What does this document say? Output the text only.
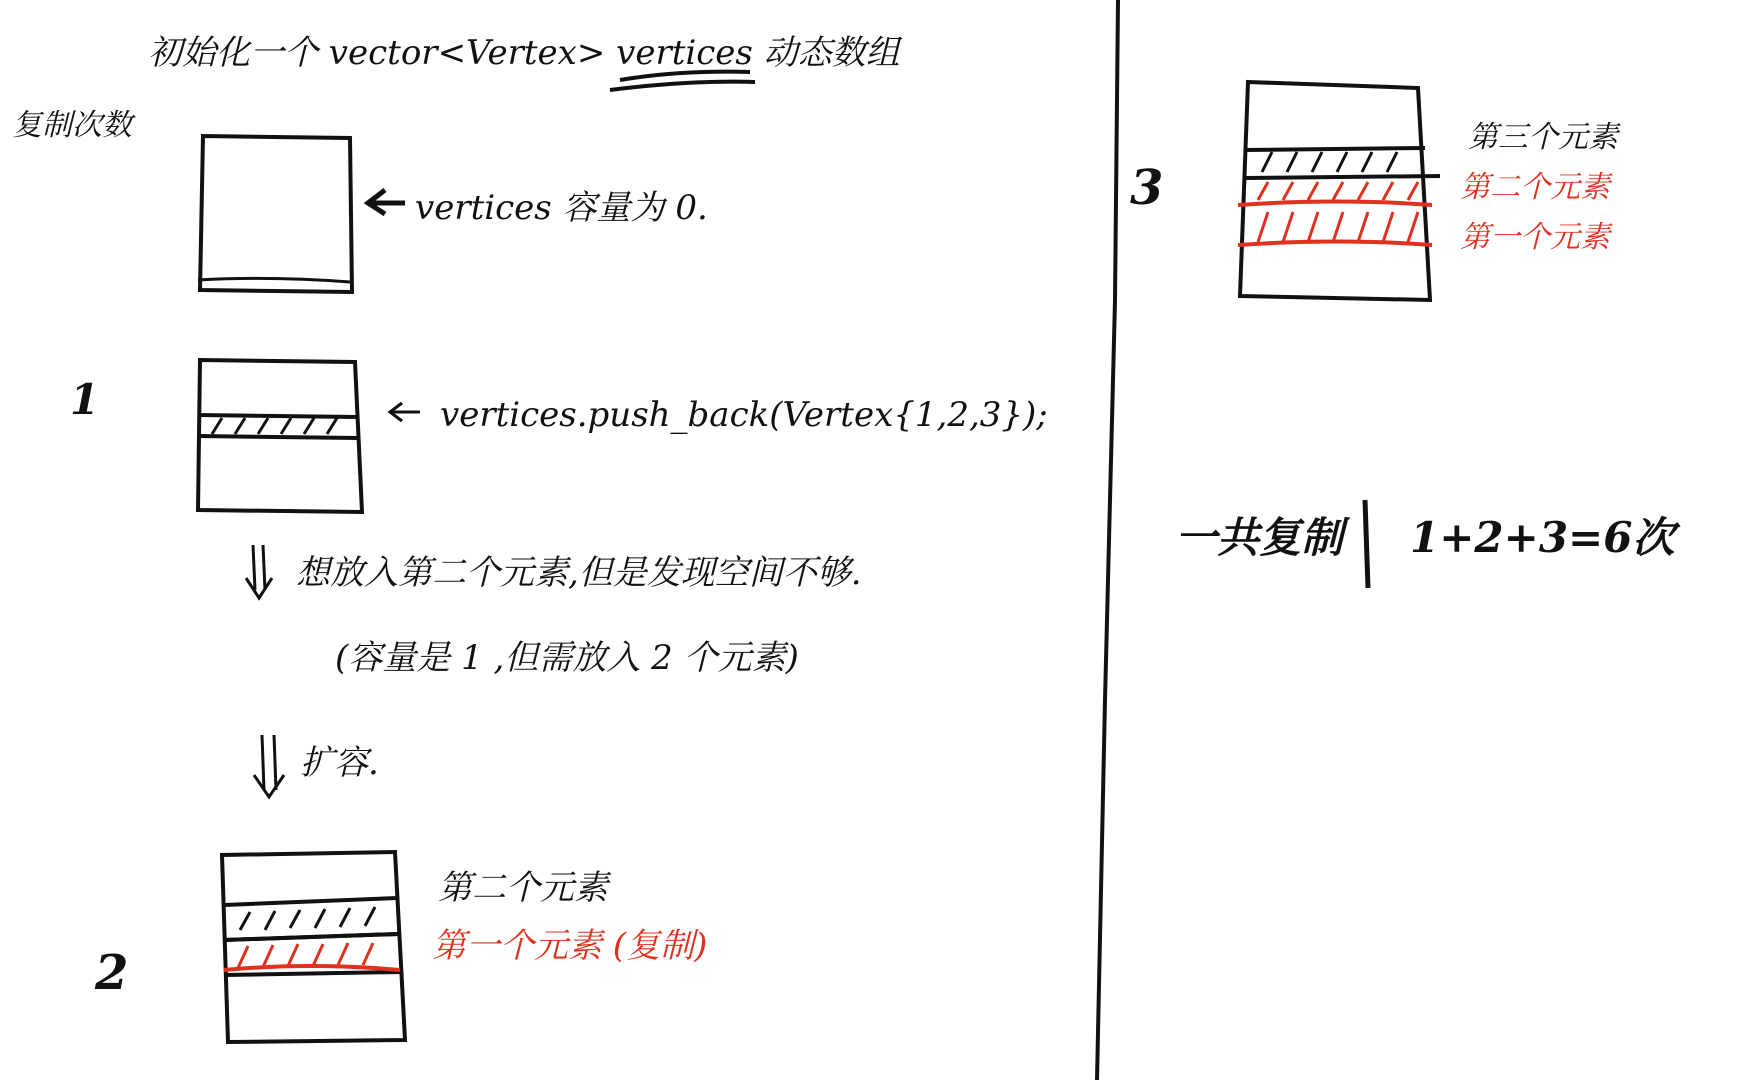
初始化一个 vector<Vertex> vertices 动态数组
复制次数
vertices 容量为 0.
1	vertices.push_back(Vertex{1,2,3});
想放入第二个元素,但是发现空间不够.
(容量是 1 ,但需放入 2 个元素)
扩容.
2
第二个元素
第一个元素 (复制)
3
第三个元素
第二个元素
第一个元素
一共复制 1+2+3=6次
